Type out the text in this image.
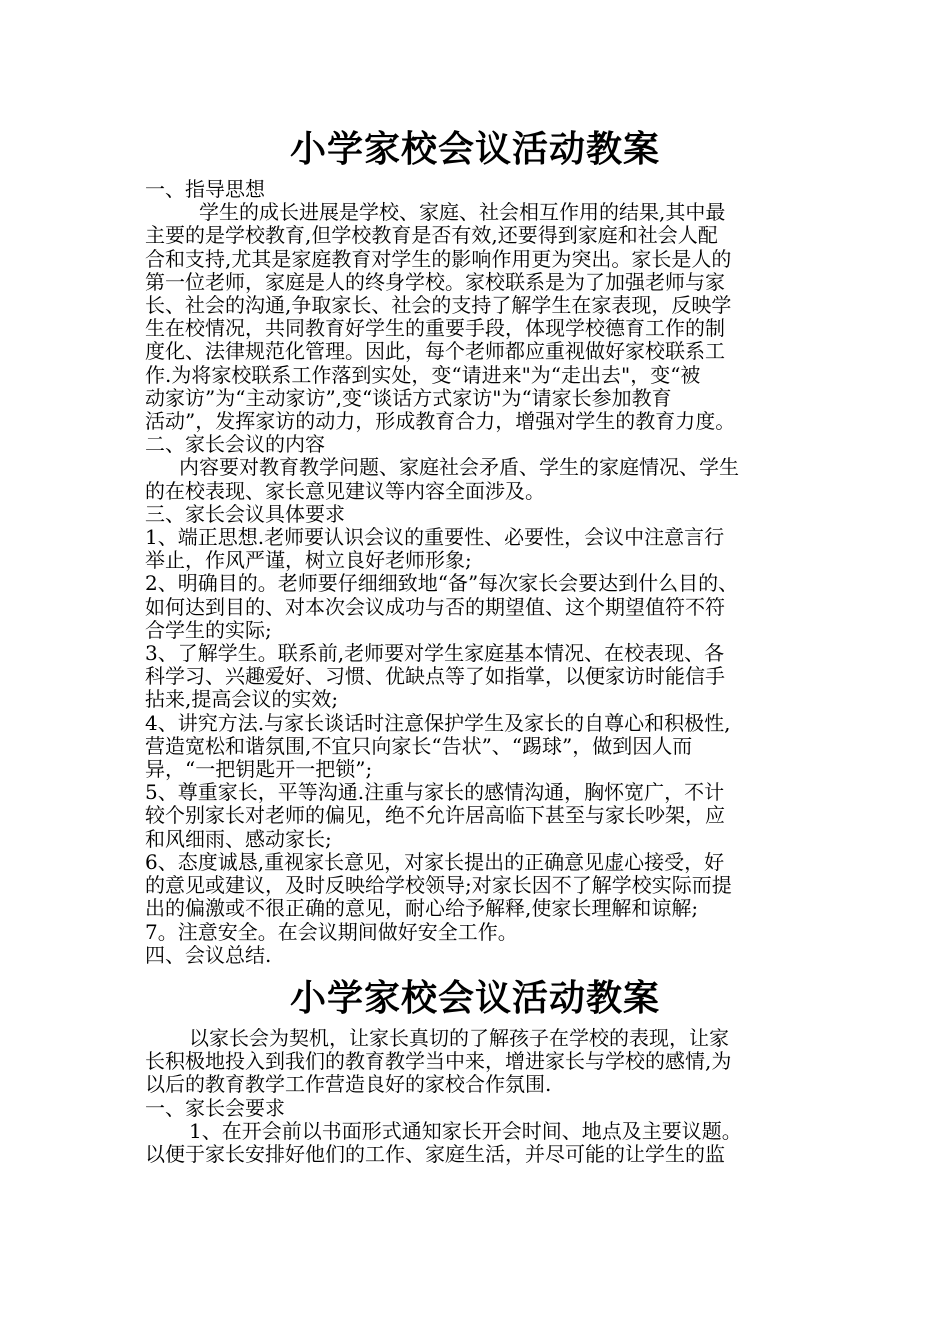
小学家校会议活动教案
一、指导思想
学生的成长进展是学校、家庭、社会相互作用的结果,其中最
主要的是学校教育,但学校教育是否有效,还要得到家庭和社会人配
合和支持,尤其是家庭教育对学生的影响作用更为突出。家长是人的
第一位老师，家庭是人的终身学校。家校联系是为了加强老师与家
长、社会的沟通,争取家长、社会的支持了解学生在家表现，反映学
生在校情况，共同教育好学生的重要手段，体现学校德育工作的制
度化、法律规范化管理。因此，每个老师都应重视做好家校联系工
作.为将家校联系工作落到实处，变“请进来"为“走出去"，变“被
动家访”为“主动家访”,变“谈话方式家访"为“请家长参加教育
活动”，发挥家访的动力，形成教育合力，增强对学生的教育力度。
二、家长会议的内容
内容要对教育教学问题、家庭社会矛盾、学生的家庭情况、学生
的在校表现、家长意见建议等内容全面涉及。
三、家长会议具体要求
1、端正思想.老师要认识会议的重要性、必要性，会议中注意言行
举止，作风严谨，树立良好老师形象;
2、明确目的。老师要仔细细致地“备”每次家长会要达到什么目的、
如何达到目的、对本次会议成功与否的期望值、这个期望值符不符
合学生的实际;
3、了解学生。联系前,老师要对学生家庭基本情况、在校表现、各
科学习、兴趣爱好、习惯、优缺点等了如指掌，以便家访时能信手
拈来,提高会议的实效;
4、讲究方法.与家长谈话时注意保护学生及家长的自尊心和积极性,
营造宽松和谐氛围,不宜只向家长“告状”、“踢球”，做到因人而
异，“一把钥匙开一把锁”;
5、尊重家长，平等沟通.注重与家长的感情沟通，胸怀宽广，不计
较个别家长对老师的偏见，绝不允许居高临下甚至与家长吵架，应
和风细雨、感动家长;
6、态度诚恳,重视家长意见，对家长提出的正确意见虚心接受，好
的意见或建议，及时反映给学校领导;对家长因不了解学校实际而提
出的偏激或不很正确的意见，耐心给予解释,使家长理解和谅解;
7。注意安全。在会议期间做好安全工作。
四、会议总结.
小学家校会议活动教案
以家长会为契机，让家长真切的了解孩子在学校的表现，让家
长积极地投入到我们的教育教学当中来，增进家长与学校的感情,为
以后的教育教学工作营造良好的家校合作氛围.
一、家长会要求
1、在开会前以书面形式通知家长开会时间、地点及主要议题。
以便于家长安排好他们的工作、家庭生活，并尽可能的让学生的监
